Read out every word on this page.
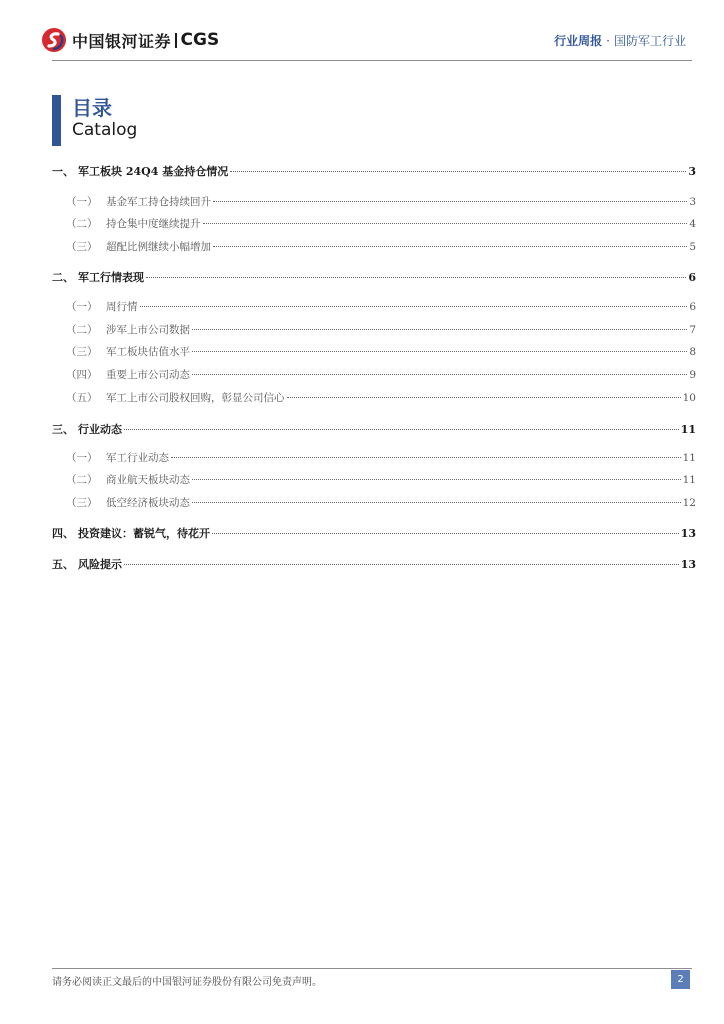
中国银河证券 CGS	行业周报 · 国防军工行业
目录
Catalog
一、 军工板块 24Q4 基金持仓情况	3
（一） 基金军工持仓持续回升	3
（二） 持仓集中度继续提升	4
（三） 超配比例继续小幅增加	5
二、 军工行情表现	6
（一） 周行情	6
（二） 涉军上市公司数据	7
（三） 军工板块估值水平	8
（四） 重要上市公司动态	9
（五） 军工上市公司股权回购，彰显公司信心	10
三、 行业动态	11
（一） 军工行业动态	11
（二） 商业航天板块动态	11
（三） 低空经济板块动态	12
四、 投资建议：蓄锐气，待花开	13
五、 风险提示	13
请务必阅读正文最后的中国银河证券股份有限公司免责声明。	2
